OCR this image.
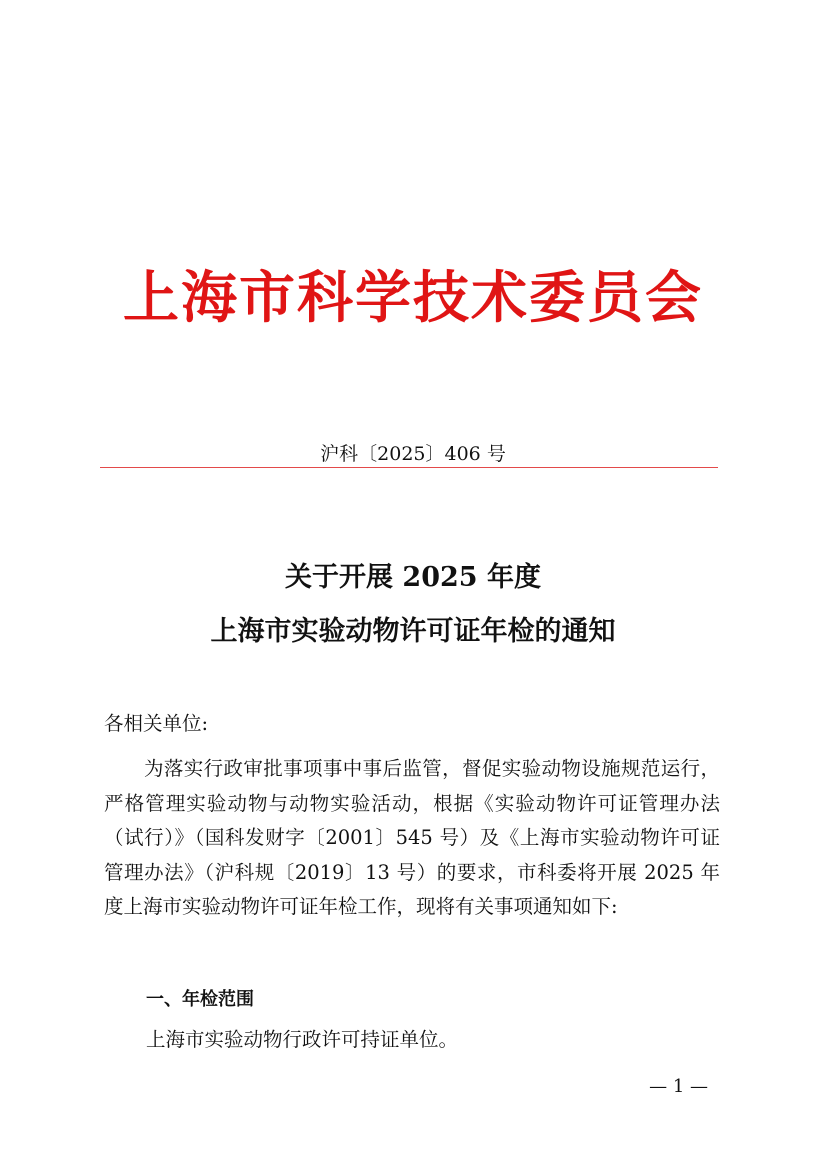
上海市科学技术委员会
沪科〔2025〕406 号
关于开展 2025 年度
上海市实验动物许可证年检的通知
各相关单位:
为落实行政审批事项事中事后监管，督促实验动物设施规范运行，严格管理实验动物与动物实验活动，根据《实验动物许可证管理办法（试行）》（国科发财字〔2001〕545 号）及《上海市实验动物许可证管理办法》（沪科规〔2019〕13 号）的要求，市科委将开展 2025 年度上海市实验动物许可证年检工作，现将有关事项通知如下:
一、年检范围
上海市实验动物行政许可持证单位。
— 1 —
